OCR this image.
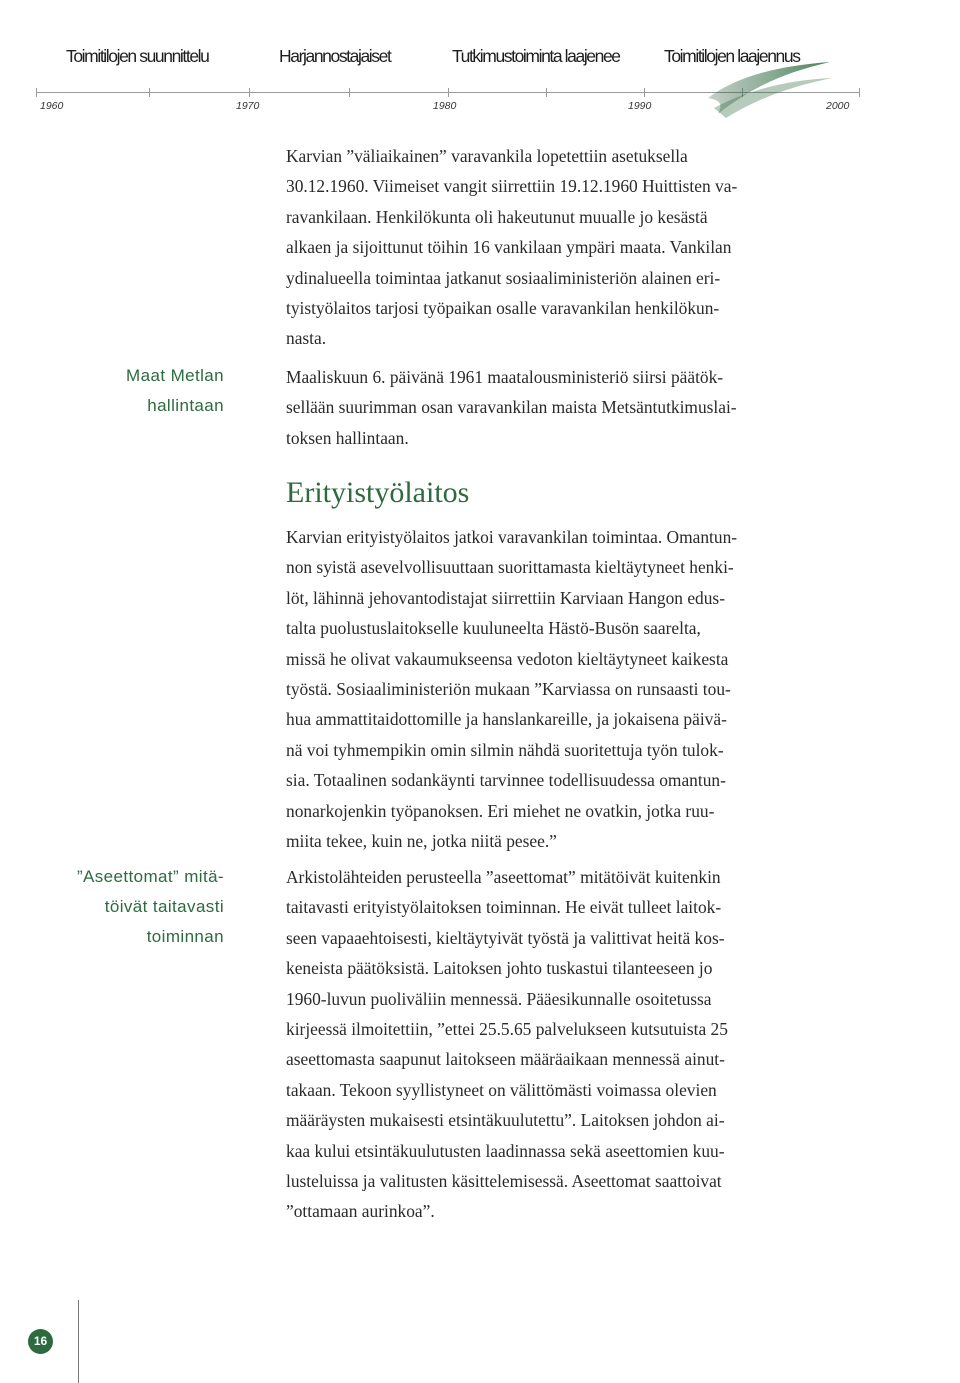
Toimitilojen suunnittelu	Harjannostajaiset	Tutkimustoiminta laajenee	Toimitilojen laajennus
1960	1970	1980	1990	2000
Maat Metlan
hallintaan
”Aseettomat” mitä-
töivät taitavasti
toiminnan
Karvian ”väliaikainen” varavankila lopetettiin asetuksella
30.12.1960. Viimeiset vangit siirrettiin 19.12.1960 Huittisten va-
ravankilaan. Henkilökunta oli hakeutunut muualle jo kesästä
alkaen ja sijoittunut töihin 16 vankilaan ympäri maata. Vankilan
ydinalueella toimintaa jatkanut sosiaaliministeriön alainen eri-
tyistyölaitos tarjosi työpaikan osalle varavankilan henkilökun-
nasta.
Maaliskuun 6. päivänä 1961 maatalousministeriö siirsi päätök-
sellään suurimman osan varavankilan maista Metsäntutkimuslai-
toksen hallintaan.
Erityistyölaitos
Karvian erityistyölaitos jatkoi varavankilan toimintaa. Omantun-
non syistä asevelvollisuuttaan suorittamasta kieltäytyneet henki-
löt, lähinnä jehovantodistajat siirrettiin Karviaan Hangon edus-
talta puolustuslaitokselle kuuluneelta Hästö-Busön saarelta,
missä he olivat vakaumukseensa vedoton kieltäytyneet kaikesta
työstä. Sosiaaliministeriön mukaan ”Karviassa on runsaasti tou-
hua ammattitaidottomille ja hanslankareille, ja jokaisena päivä-
nä voi tyhmempikin omin silmin nähdä suoritettuja työn tulok-
sia. Totaalinen sodankäynti tarvinnee todellisuudessa omantun-
nonarkojenkin työpanoksen. Eri miehet ne ovatkin, jotka ruu-
miita tekee, kuin ne, jotka niitä pesee.”
Arkistolähteiden perusteella ”aseettomat” mitätöivät kuitenkin
taitavasti erityistyölaitoksen toiminnan. He eivät tulleet laitok-
seen vapaaehtoisesti, kieltäytyivät työstä ja valittivat heitä kos-
keneista päätöksistä. Laitoksen johto tuskastui tilanteeseen jo
1960-luvun puoliväliin mennessä. Pääesikunnalle osoitetussa
kirjeessä ilmoitettiin, ”ettei 25.5.65 palvelukseen kutsutuista 25
aseettomasta saapunut laitokseen määräaikaan mennessä ainut-
takaan. Tekoon syyllistyneet on välittömästi voimassa olevien
määräysten mukaisesti etsintäkuulutettu”. Laitoksen johdon ai-
kaa kului etsintäkuulutusten laadinnassa sekä aseettomien kuu-
lusteluissa ja valitusten käsittelemisessä. Aseettomat saattoivat
”ottamaan aurinkoa”.
16
